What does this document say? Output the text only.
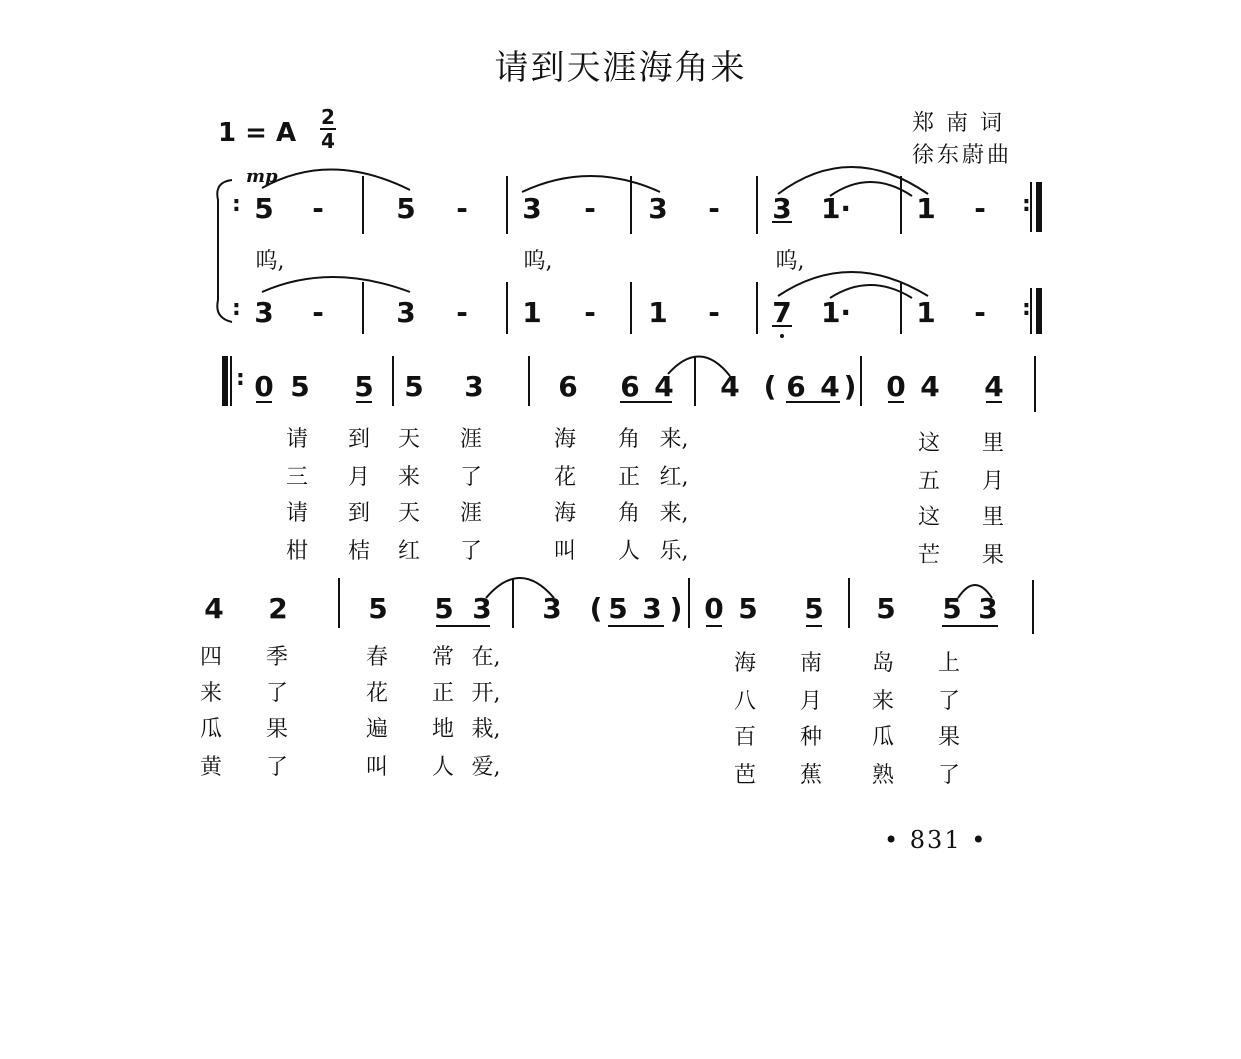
请到天涯海角来
1 = A
2
4
郑南词
徐东蔚曲
:	:
:	:
mp
5 -	5 - 3 - 3 - 3 1· 1 -
呜,	呜,	呜,
3 -	3 - 1 - 1 - 7 1· 1 -
: 0 5 5 5 3	6 6 4 4 ( 6 4 ) 0 4 4
请 到 天 涯	海 角 来,	这 里
三 月 来 了	花 正 红,	五 月
请 到 天 涯	海 角 来,	这 里
柑 桔 红 了	叫 人 乐,	芒 果
4 2	5 5 3 3 ( 5 3 ) 0 5 5 5 5 3
四 季	春 常 在,	海 南 岛 上
来 了	花 正 开,	八 月 来 了
瓜 果	遍 地 栽,	百 种 瓜 果
黄 了	叫 人 爱,	芭 蕉 熟 了
• 831 •
